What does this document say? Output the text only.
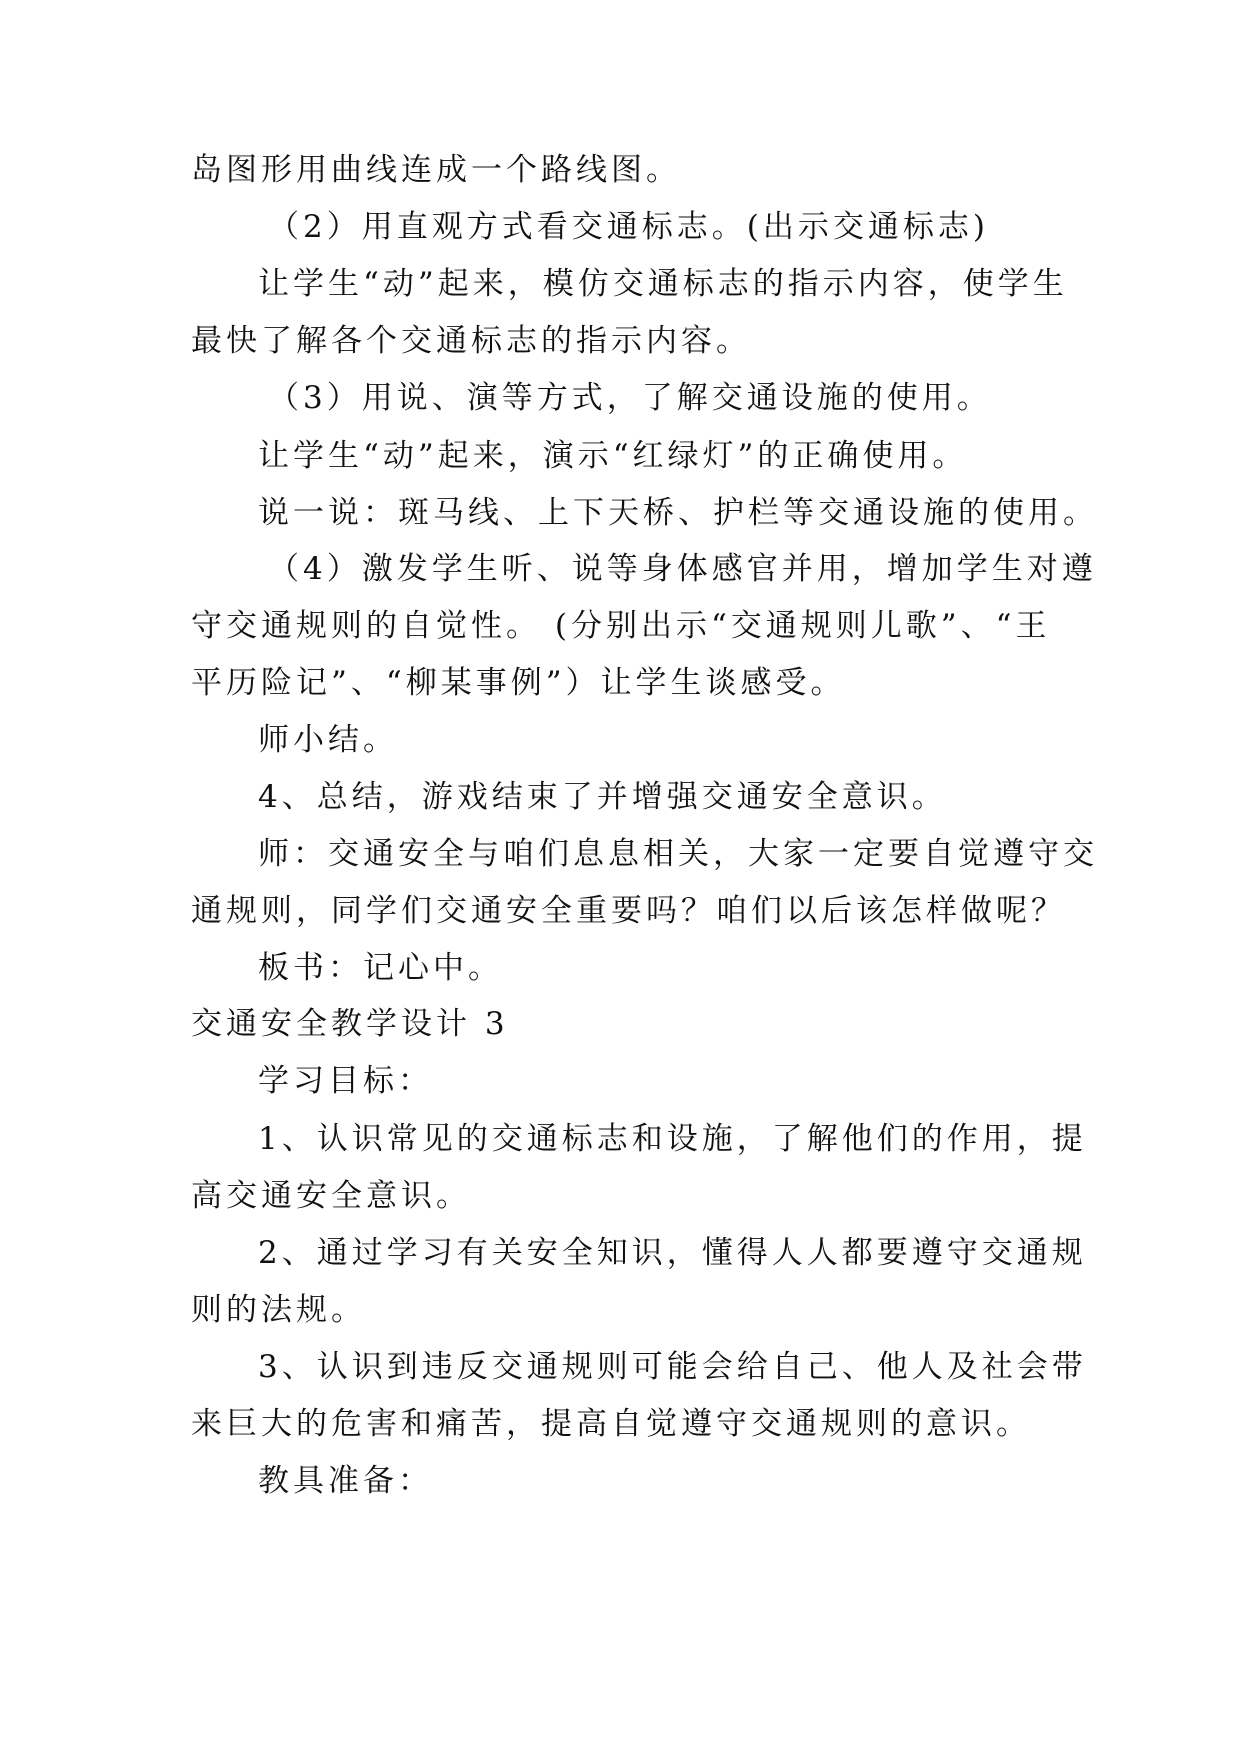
岛图形用曲线连成一个路线图。
（2）用直观方式看交通标志。(出示交通标志)
让学生“动”起来，模仿交通标志的指示内容，使学生
最快了解各个交通标志的指示内容。
（3）用说、演等方式，了解交通设施的使用。
让学生“动”起来，演示“红绿灯”的正确使用。
说一说：斑马线、上下天桥、护栏等交通设施的使用。
（4）激发学生听、说等身体感官并用，增加学生对遵
守交通规则的自觉性。 (分别出示“交通规则儿歌”、“王
平历险记”、“柳某事例”）让学生谈感受。
师小结。
4、总结，游戏结束了并增强交通安全意识。
师：交通安全与咱们息息相关，大家一定要自觉遵守交
通规则，同学们交通安全重要吗？咱们以后该怎样做呢？
板书：记心中。
交通安全教学设计 3
学习目标：
1、认识常见的交通标志和设施，了解他们的作用，提
高交通安全意识。
2、通过学习有关安全知识，懂得人人都要遵守交通规
则的法规。
3、认识到违反交通规则可能会给自己、他人及社会带
来巨大的危害和痛苦，提高自觉遵守交通规则的意识。
教具准备：
